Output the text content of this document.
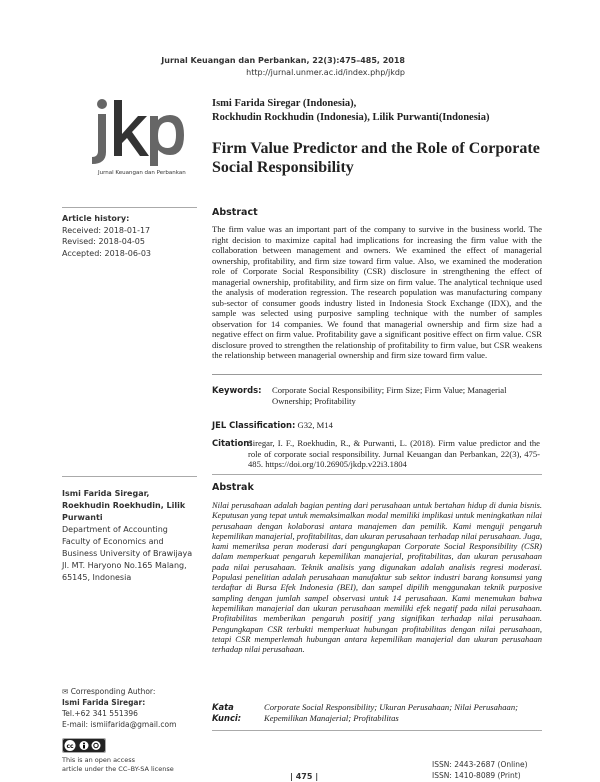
Jurnal Keuangan dan Perbankan, 22(3):475–485, 2018
http://jurnal.unmer.ac.id/index.php/jkdp
Jurnal Keuangan dan Perbankan
Ismi Farida Siregar (Indonesia),
Rockhudin Rockhudin (Indonesia), Lilik Purwanti(Indonesia)
Firm Value Predictor and the Role of Corporate Social Responsibility
Article history:
Received: 2018-01-17
Revised: 2018-04-05
Accepted: 2018-06-03
Ismi Farida Siregar, Roekhudin Roekhudin, Lilik Purwanti
Department of Accounting Faculty of Economics and Business University of Brawijaya
Jl. MT. Haryono No.165 Malang, 65145, Indonesia
✉ Corresponding Author:
Ismi Farida Siregar:
Tel.+62 341 551396
E-mail: ismiifarida@gmail.com
cc
This is an open access
article under the CC–BY-SA license
Abstract
The firm value was an important part of the company to survive in the business world. The right decision to maximize capital had implications for increasing the firm value with the collaboration between management and owners. We examined the effect of managerial ownership, profitability, and firm size toward firm value. Also, we examined the moderation role of Corporate Social Responsibility (CSR) disclosure in strengthening the effect of managerial ownership, profitability, and firm size on firm value. The analytical technique used the analysis of moderation regression. The research population was manufacturing company sub-sector of consumer goods industry listed in Indonesia Stock Exchange (IDX), and the sample was selected using purposive sampling technique with the number of samples observation for 14 companies. We found that managerial ownership and firm size had a negative effect on firm value. Profitability gave a significant positive effect on firm value. CSR disclosure proved to strengthen the relationship of profitability to firm value, but CSR weakens the relationship between managerial ownership and firm size toward firm value.
Keywords: Corporate Social Responsibility; Firm Size; Firm Value; Managerial Ownership; Profitability
JEL Classification: G32, M14
Citation:Siregar, I. F., Roekhudin, R., & Purwanti, L. (2018). Firm value predictor and the role of corporate social responsibility. Jurnal Keuangan dan Perbankan, 22(3), 475-485. https://doi.org/10.26905/jkdp.v22i3.1804
Abstrak
Nilai perusahaan adalah bagian penting dari perusahaan untuk bertahan hidup di dunia bisnis. Keputusan yang tepat untuk memaksimalkan modal memiliki implikasi untuk meningkatkan nilai perusahaan dengan kolaborasi antara manajemen dan pemilik. Kami menguji pengaruh kepemilikan manajerial, profitabilitas, dan ukuran perusahaan terhadap nilai perusahaan. Juga, kami memeriksa peran moderasi dari pengungkapan Corporate Social Responsibility (CSR) dalam memperkuat pengaruh kepemilikan manajerial, profitabilitas, dan ukuran perusahaan pada nilai perusahaan. Teknik analisis yang digunakan adalah analisis regresi moderasi. Populasi penelitian adalah perusahaan manufaktur sub sektor industri barang konsumsi yang terdaftar di Bursa Efek Indonesia (BEI), dan sampel dipilih menggunakan teknik purposive sampling dengan jumlah sampel observasi untuk 14 perusahaan. Kami menemukan bahwa kepemilikan manajerial dan ukuran perusahaan memiliki efek negatif pada nilai perusahaan. Profitabilitas memberikan pengaruh positif yang signifikan terhadap nilai perusahaan. Pengungkapan CSR terbukti memperkuat hubungan profitabilitas dengan nilai perusahaan, tetapi CSR memperlemah hubungan antara kepemilikan manajerial dan ukuran perusahaan terhadap nilai perusahaan.
Kata Kunci:Corporate Social Responsibility; Ukuran Perusahaan; Nilai Perusahaan; Kepemilikan Manajerial; Profitabilitas
| 475 |
ISSN: 2443-2687 (Online)
ISSN: 1410-8089 (Print)
